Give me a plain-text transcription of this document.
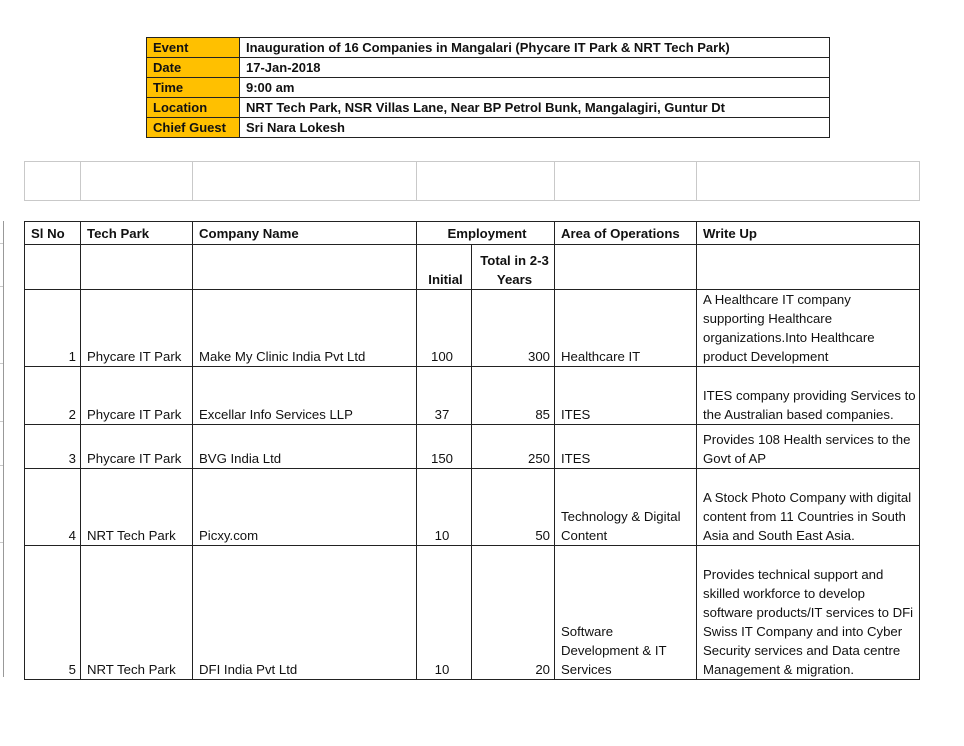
Event	Inauguration of 16 Companies in Mangalari (Phycare IT Park & NRT Tech Park)
Date	17-Jan-2018
Time	9:00 am
Location	NRT Tech Park, NSR Villas Lane, Near BP Petrol Bunk, Mangalagiri, Guntur Dt
Chief Guest	Sri Nara Lokesh

Sl No	Tech Park	Company Name	Employment		Area of Operations	Write Up
			Initial	Total in 2-3 Years		
1	Phycare IT Park	Make My Clinic India Pvt Ltd	100	300	Healthcare IT	A Healthcare IT company supporting Healthcare organizations.Into Healthcare product Development
2	Phycare IT Park	Excellar Info Services LLP	37	85	ITES	ITES company providing Services to the Australian based companies.
3	Phycare IT Park	BVG India Ltd	150	250	ITES	Provides 108 Health services to the Govt of AP
4	NRT Tech Park	Picxy.com	10	50	Technology & Digital Content	A Stock Photo Company with digital content from 11 Countries in South Asia and South East Asia.
5	NRT Tech Park	DFI India Pvt Ltd	10	20	Software Development & IT Services	Provides technical support and skilled workforce to develop software products/IT services to DFi Swiss IT Company and into Cyber Security services and Data centre Management & migration.
